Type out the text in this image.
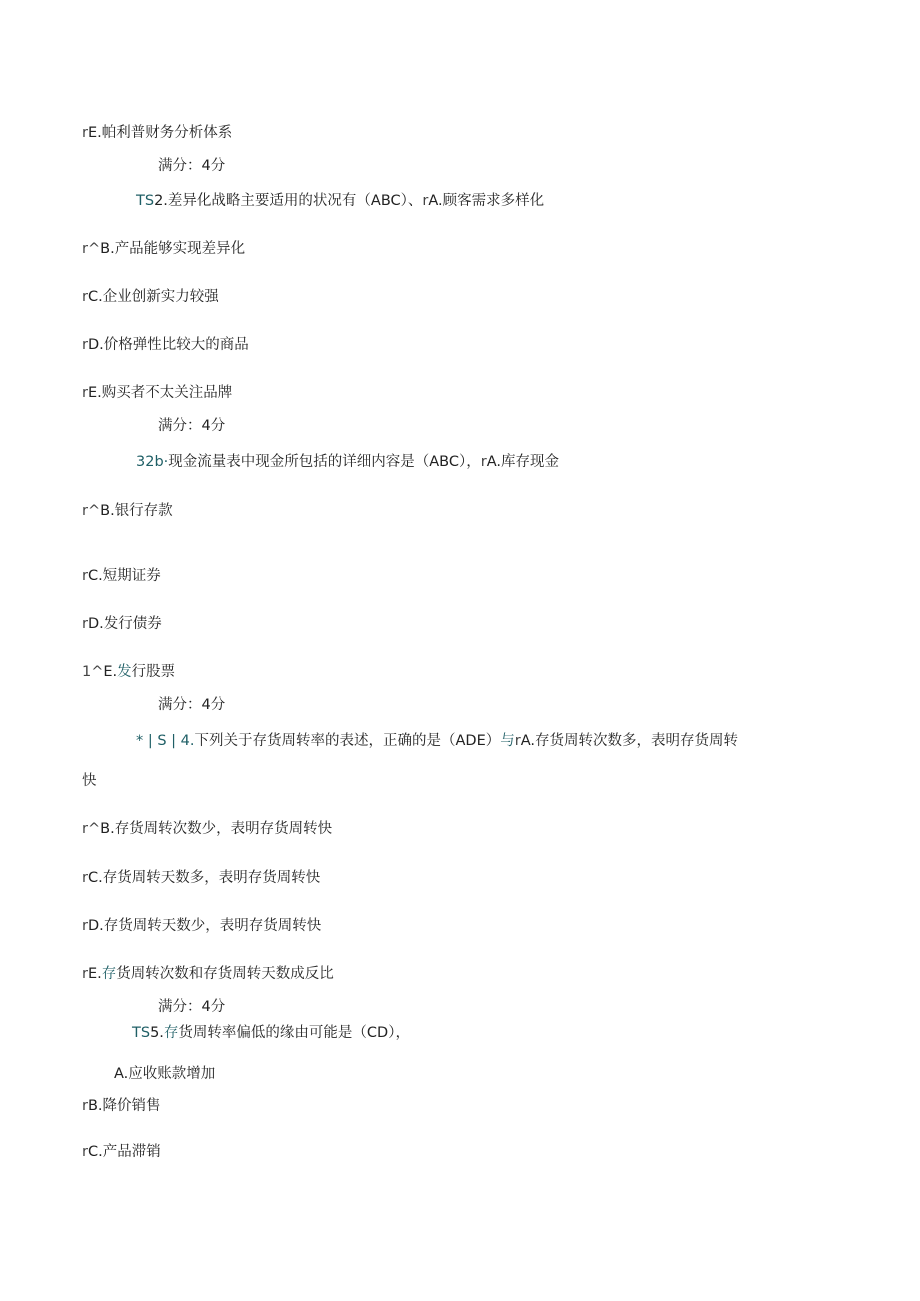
rE.帕利普财务分析体系
满分：4分
TS2.差异化战略主要适用的状况有（ABC）、rA.顾客需求多样化
r^B.产品能够实现差异化
rC.企业创新实力较强
rD.价格弹性比较大的商品
rE.购买者不太关注品牌
满分：4分
32b·现金流量表中现金所包括的详细内容是（ABC），rA.库存现金
r^B.银行存款
rC.短期证券
rD.发行债券
1^E.发行股票
满分：4分
* | S | 4.下列关于存货周转率的表述，正确的是（ADE）与rA.存货周转次数多，表明存货周转
快
r^B.存货周转次数少，表明存货周转快
rC.存货周转天数多，表明存货周转快
rD.存货周转天数少，表明存货周转快
rE.存货周转次数和存货周转天数成反比
满分：4分
TS5.存货周转率偏低的缘由可能是（CD），
A.应收账款增加
rB.降价销售
rC.产品滞销
